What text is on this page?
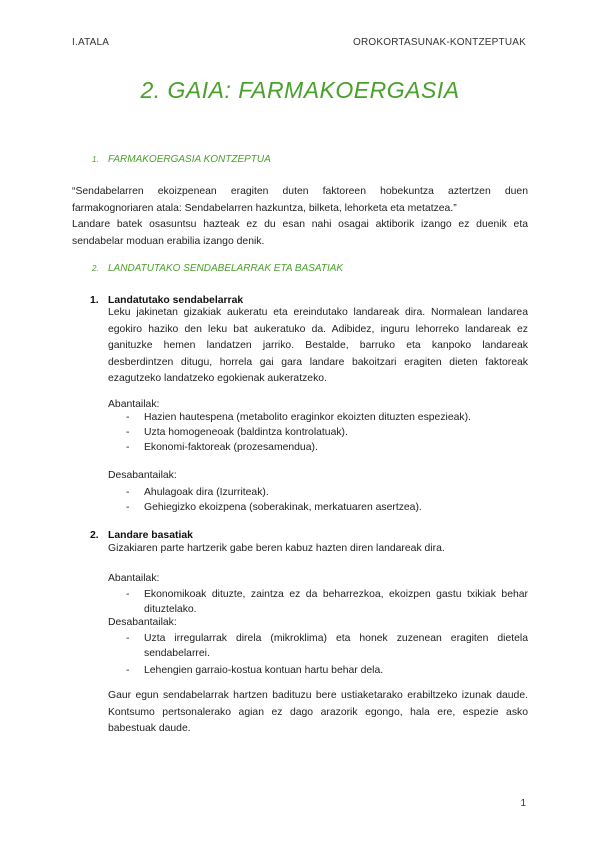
I.ATALA	OROKORTASUNAK-KONTZEPTUAK
2. GAIA: FARMAKOERGASIA
1. FARMAKOERGASIA KONTZEPTUA

“Sendabelarren ekoizpenean eragiten duten faktoreen hobekuntza aztertzen duen farmakognoriaren atala: Sendabelarren hazkuntza, bilketa, lehorketa eta metatzea.”

Landare batek osasuntsu hazteak ez du esan nahi osagai aktiborik izango ez duenik eta sendabelar moduan erabilia izango denik.

2. LANDATUTAKO SENDABELARRAK ETA BASATIAK
1. Landatutako sendabelarrak

Leku jakinetan gizakiak aukeratu eta ereindutako landareak dira. Normalean landarea egokiro haziko den leku bat aukeratuko da. Adibidez, inguru lehorreko landareak ez ganituzke hemen landatzen jarriko. Bestalde, barruko eta kanpoko landareak desberdintzen ditugu, horrela gai gara landare bakoitzari eragiten dieten faktoreak ezagutzeko landatzeko egokienak aukeratzeko.

Abantailak:
- Hazien hautespena (metabolito eraginkor ekoizten dituzten espezieak).
- Uzta homogeneoak (baldintza kontrolatuak).
- Ekonomi-faktoreak (prozesamendua).
Desabantailak:
- Ahulagoak dira (Izurriteak).
- Gehiegizko ekoizpena (soberakinak, merkatuaren asertzea).
2. Landare basatiak

Gizakiaren parte hartzerik gabe beren kabuz hazten diren landareak dira.

Abantailak:
- Ekonomikoak dituzte, zaintza ez da beharrezkoa, ekoizpen gastu txikiak behar dituztelako.
Desabantailak:
- Uzta irregularrak direla (mikroklima) eta honek zuzenean eragiten dietela sendabelarrei.
- Lehengien garraio-kostua kontuan hartu behar dela.

Gaur egun sendabelarrak hartzen badituzu bere ustiaketarako erabiltzeko izunak daude. Kontsumo pertsonalerako agian ez dago arazorik egongo, hala ere, espezie asko babestuak daude.

1
